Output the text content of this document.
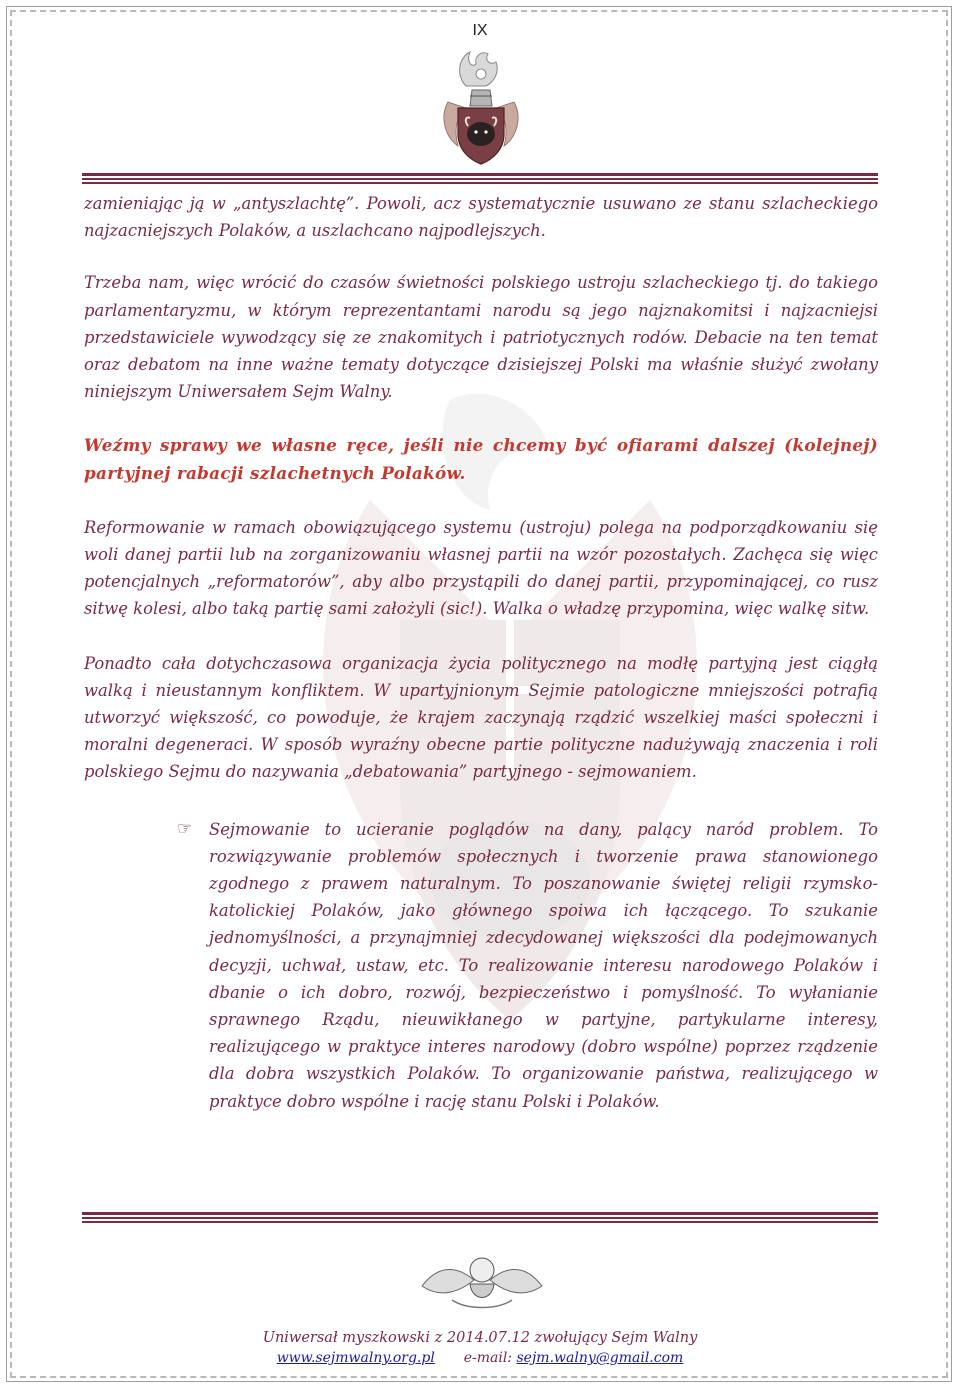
IX

zamieniając ją w „antyszlachtę”. Powoli, acz systematycznie usuwano ze stanu szlacheckiego najzacniejszych Polaków, a uszlachcano najpodlejszych.

Trzeba nam, więc wrócić do czasów świetności polskiego ustroju szlacheckiego tj. do takiego parlamentaryzmu, w którym reprezentantami narodu są jego najznakomitsi i najzacniejsi przedstawiciele wywodzący się ze znakomitych i patriotycznych rodów. Debacie na ten temat oraz debatom na inne ważne tematy dotyczące dzisiejszej Polski ma właśnie służyć zwołany niniejszym Uniwersałem Sejm Walny.

Weźmy sprawy we własne ręce, jeśli nie chcemy być ofiarami dalszej (kolejnej) partyjnej rabacji szlachetnych Polaków.

Reformowanie w ramach obowiązującego systemu (ustroju) polega na podporządkowaniu się woli danej partii lub na zorganizowaniu własnej partii na wzór pozostałych. Zachęca się więc potencjalnych „reformatorów”, aby albo przystąpili do danej partii, przypominającej, co rusz sitwę kolesi, albo taką partię sami założyli (sic!). Walka o władzę przypomina, więc walkę sitw.

Ponadto cała dotychczasowa organizacja życia politycznego na modłę partyjną jest ciągłą walką i nieustannym konfliktem. W upartyjnionym Sejmie patologiczne mniejszości potrafią utworzyć większość, co powoduje, że krajem zaczynają rządzić wszelkiej maści społeczni i moralni degeneraci. W sposób wyraźny obecne partie polityczne nadużywają znaczenia i roli polskiego Sejmu do nazywania „debatowania” partyjnego - sejmowaniem.

☞ Sejmowanie to ucieranie poglądów na dany, palący naród problem. To rozwiązywanie problemów społecznych i tworzenie prawa stanowionego zgodnego z prawem naturalnym. To poszanowanie świętej religii rzymsko-katolickiej Polaków, jako głównego spoiwa ich łączącego. To szukanie jednomyślności, a przynajmniej zdecydowanej większości dla podejmowanych decyzji, uchwał, ustaw, etc. To realizowanie interesu narodowego Polaków i dbanie o ich dobro, rozwój, bezpieczeństwo i pomyślność. To wyłanianie sprawnego Rządu, nieuwikłanego w partyjne, partykularne interesy, realizującego w praktyce interes narodowy (dobro wspólne) poprzez rządzenie dla dobra wszystkich Polaków. To organizowanie państwa, realizującego w praktyce dobro wspólne i rację stanu Polski i Polaków.
Uniwersał myszkowski z 2014.07.12 zwołujący Sejm Walny
www.sejmwalny.org.pl e-mail: sejm.walny@gmail.com
